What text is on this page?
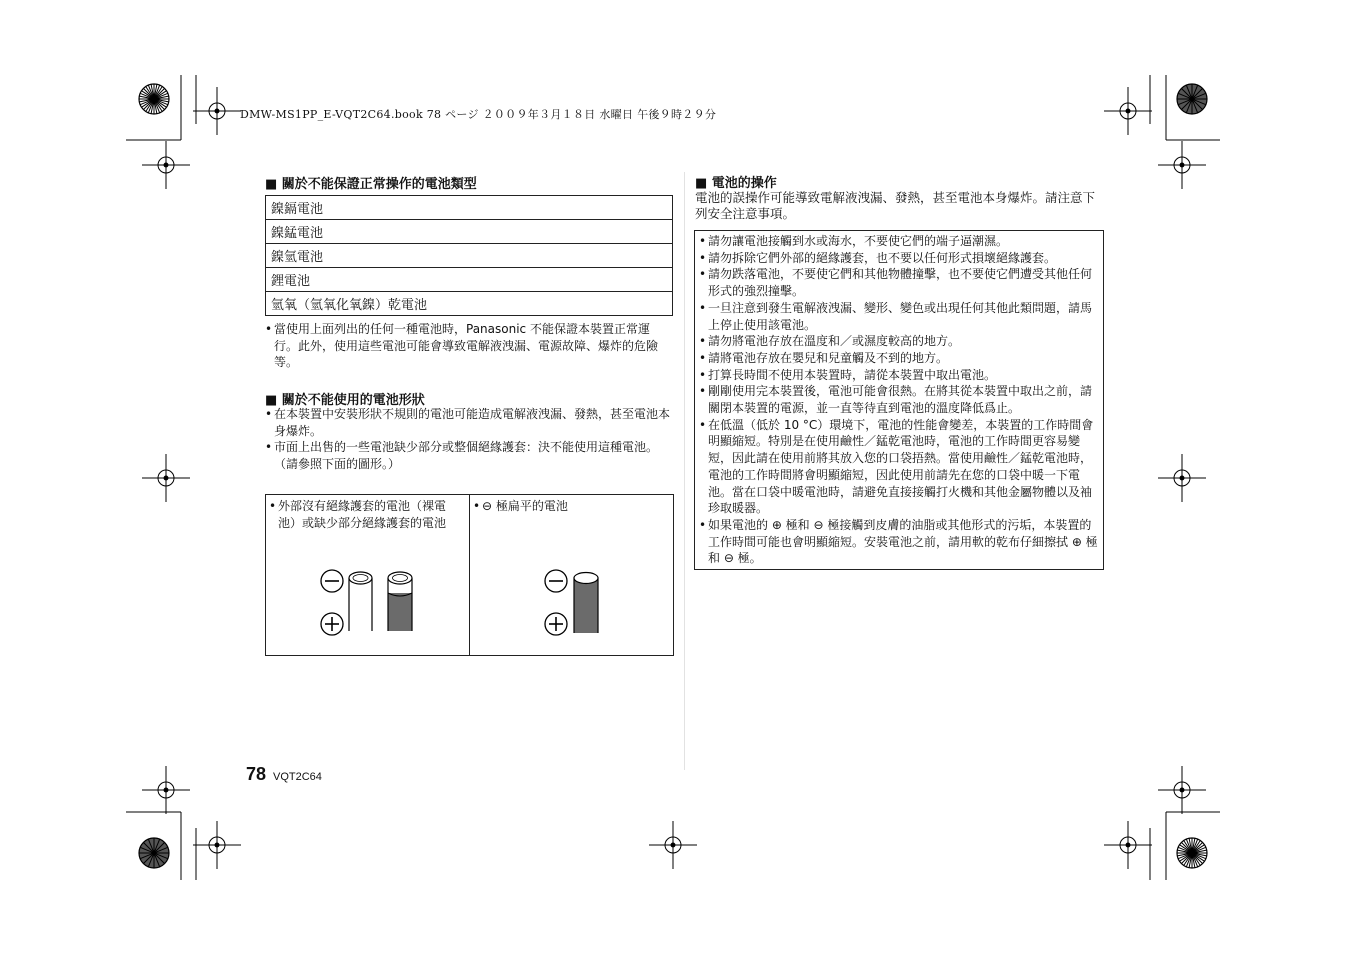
DMW-MS1PP_E-VQT2C64.book 78 ページ ２００９年３月１８日 水曜日 午後９時２９分
■ 關於不能保證正常操作的電池類型
鎳鎘電池
鎳錳電池
鎳氫電池
鋰電池
氫氧（氫氧化氧鎳）乾電池
• 當使用上面列出的任何一種電池時，Panasonic 不能保證本裝置正常運行。此外，使用這些電池可能會導致電解液洩漏、電源故障、爆炸的危險等。
■ 關於不能使用的電池形狀
• 在本裝置中安裝形狀不規則的電池可能造成電解液洩漏、發熱，甚至電池本身爆炸。
• 市面上出售的一些電池缺少部分或整個絕緣護套：決不能使用這種電池。
（請參照下面的圖形。）
• 外部沒有絕緣護套的電池（裸電池）或缺少部分絕緣護套的電池
• ⊖ 極扁平的電池
■ 電池的操作
電池的誤操作可能導致電解液洩漏、發熱，甚至電池本身爆炸。請注意下列安全注意事項。
• 請勿讓電池接觸到水或海水，不要使它們的端子逼潮濕。
• 請勿拆除它們外部的絕緣護套，也不要以任何形式損壞絕緣護套。
• 請勿跌落電池，不要使它們和其他物體撞擊，也不要使它們遭受其他任何形式的強烈撞擊。
• 一旦注意到發生電解液洩漏、變形、變色或出現任何其他此類問題，請馬上停止使用該電池。
• 請勿將電池存放在溫度和／或濕度較高的地方。
• 請將電池存放在嬰兒和兒童觸及不到的地方。
• 打算長時間不使用本裝置時，請從本裝置中取出電池。
• 剛剛使用完本裝置後，電池可能會很熱。在將其從本裝置中取出之前，請關閉本裝置的電源，並一直等待直到電池的溫度降低爲止。
• 在低溫（低於 10 °C）環境下，電池的性能會變差，本裝置的工作時間會明顯縮短。特別是在使用鹼性／錳乾電池時，電池的工作時間更容易變短，因此請在使用前將其放入您的口袋捂熱。當使用鹼性／錳乾電池時，電池的工作時間將會明顯縮短，因此使用前請先在您的口袋中暖一下電池。當在口袋中暖電池時，請避免直接接觸打火機和其他金屬物體以及袖珍取暖器。
• 如果電池的 ⊕ 極和 ⊖ 極接觸到皮膚的油脂或其他形式的污垢，本裝置的工作時間可能也會明顯縮短。安裝電池之前，請用軟的乾布仔細擦拭 ⊕ 極和 ⊖ 極。
78 VQT2C64
